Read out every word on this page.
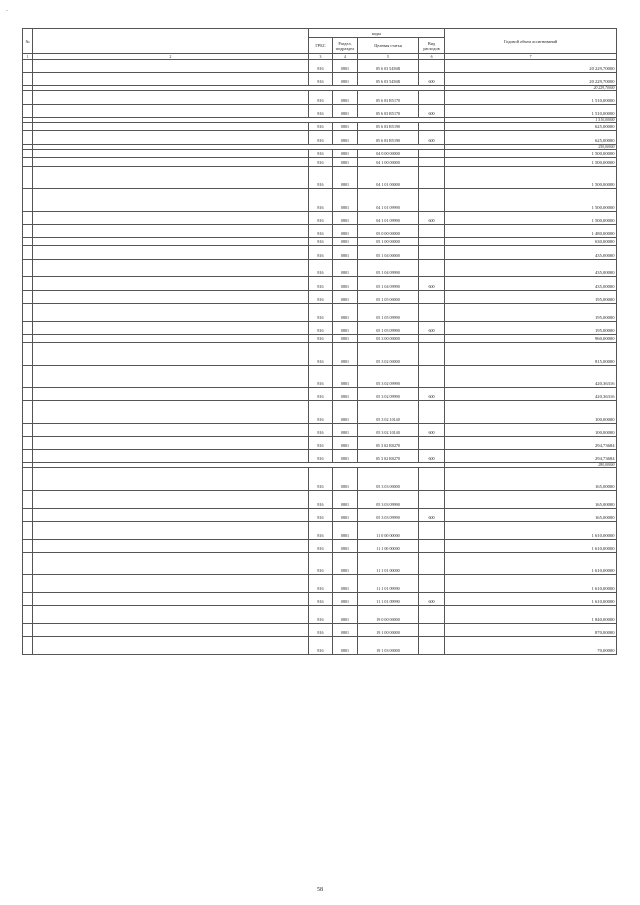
-
№		коды				Годовой объем ассигнований
		ГРБС	Раздел, подраздел	Целевая статья	Вид расходов	
1	2	3	4	5	6	7
		816	0801	05 6 03 5456R		20 229,70000
		816	0801	05 6 03 5456R	600	20 229,70000
						20 229,70000
		816	0801	05 6 03 R5170		1 510,00000
		816	0801	05 6 03 R5170	600	1 510,00000
						1 510,00000
		816	0801	05 6 03 R5190		625,00000
		816	0801	05 6 03 R5190	600	625,00000
						250,00000
		816	0801	04 0 00 00000		1 500,00000
		816	0801	04 1 00 00000		1 500,00000
		816	0801	04 1 01 00000		1 500,00000
		816	0801	04 1 01 09990		1 500,00000
		816	0801	04 1 01 09990	600	1 500,00000
		816	0801	05 0 00 00000		1 480,00000
		816	0801	05 1 00 00000		630,00000
		816	0801	05 1 04 00000		435,00000
		816	0801	05 1 04 09990		435,00000
		816	0801	05 1 04 09990	600	435,00000
		816	0801	05 1 05 00000		195,00000
		816	0801	05 1 05 09990		195,00000
		816	0801	05 1 05 09990	600	195,00000
		816	0801	05 3 00 00000		960,00000
		816	0801	05 3 02 00000		815,00000
		816	0801	05 3 02 09990		420,36316
		816	0801	05 3 02 09990	600	420,36316
		816	0801	05 3 02 10140		100,00000
		816	0801	05 3 02 10140	600	100,00000
		816	0801	05 3 02 R0270		294,73684
		816	0801	05 3 02 R0270	600	294,73684
						280,00000
		816	0801	05 3 03 00000		165,00000
		816	0801	05 3 03 09990		165,00000
		816	0801	05 3 03 09990	600	165,00000
		816	0801	11 0 00 00000		1 610,00000
		816	0801	11 1 00 00000		1 610,00000
		816	0801	11 1 01 00000		1 610,00000
		816	0801	11 1 01 09990		1 610,00000
		816	0801	11 1 01 09990	600	1 610,00000
		816	0801	19 0 00 00000		1 840,00000
		816	0801	19 1 00 00000		870,00000
		816	0801	19 1 03 00000		70,00000
58
